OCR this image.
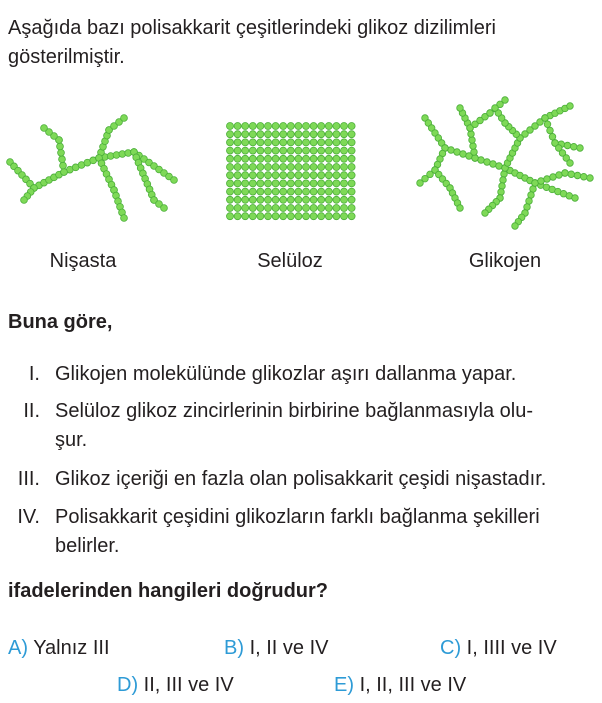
Aşağıda bazı polisakkarit çeşitlerindeki glikoz dizilimleri
gösterilmiştir.
Nişasta	Selüloz	Glikojen
Buna göre,
I. Glikojen molekülünde glikozlar aşırı dallanma yapar.
II. Selüloz glikoz zincirlerinin birbirine bağlanmasıyla olu-
şur.
III. Glikoz içeriği en fazla olan polisakkarit çeşidi nişastadır.
IV. Polisakkarit çeşidini glikozların farklı bağlanma şekilleri
belirler.
ifadelerinden hangileri doğrudur?
A) Yalnız III	B) I, II ve IV	C) I, IIII ve IV
D) II, III ve IV	E) I, II, III ve IV
